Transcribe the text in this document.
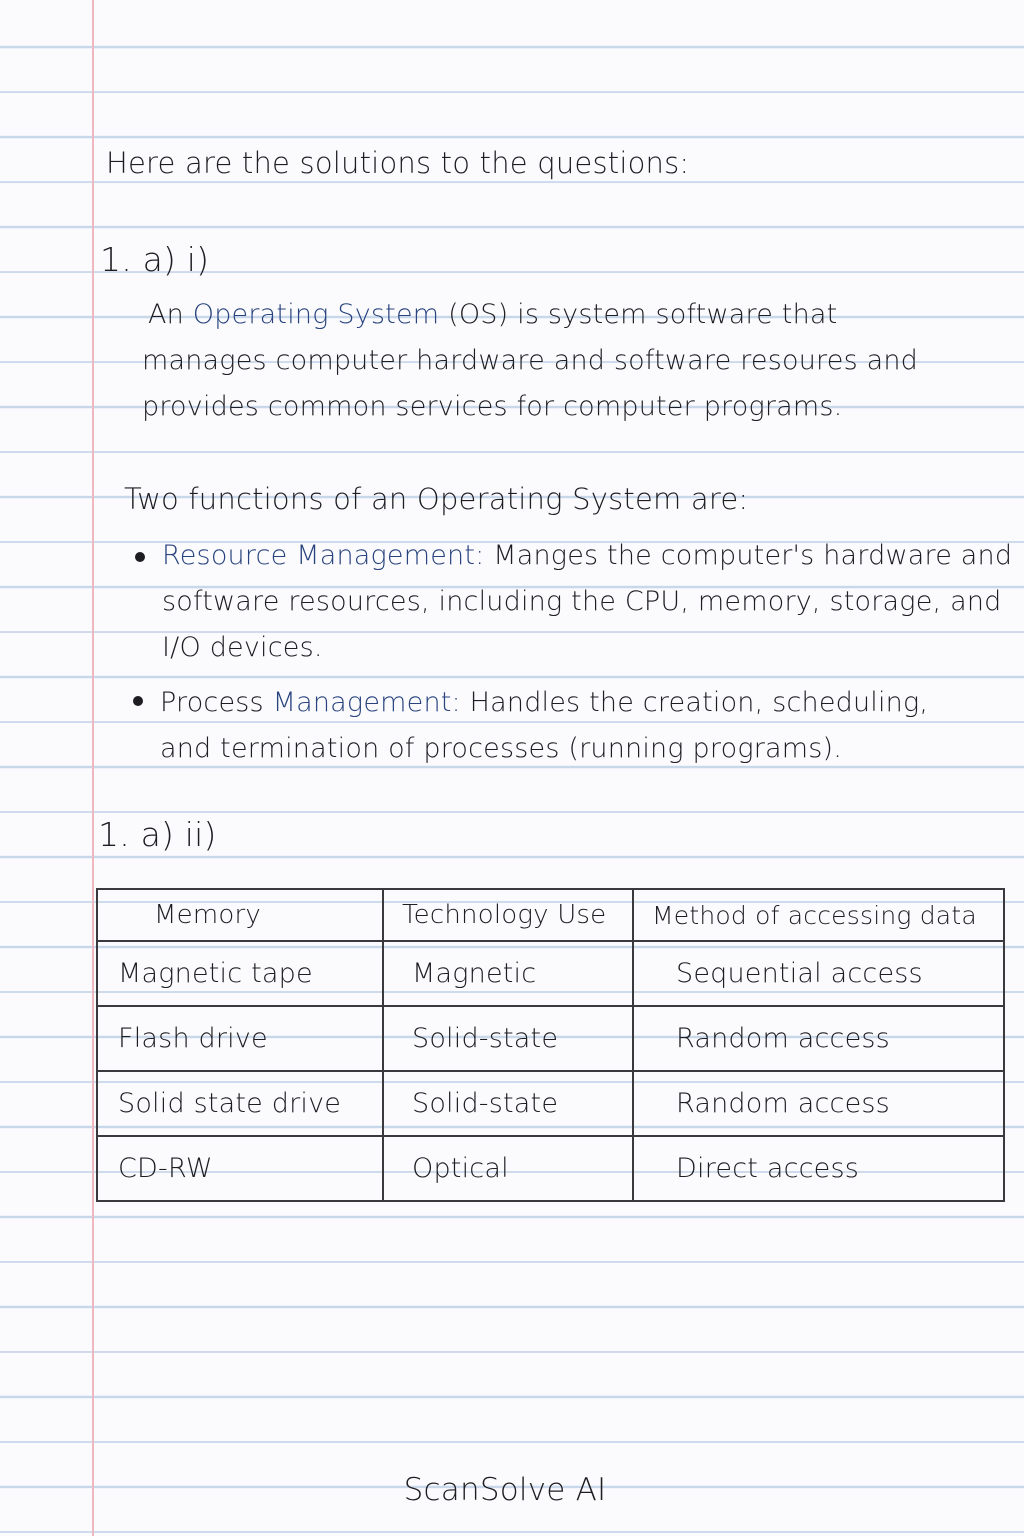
Here are the solutions to the questions:
1. a) i)
An Operating System (OS) is system software that
manages computer hardware and software resoures and
provides common services for computer programs.
Two functions of an Operating System are:
Resource Management: Manges the computer's hardware and
software resources, including the CPU, memory, storage, and
I/O devices.
Process Management: Handles the creation, scheduling,
and termination of processes (running programs).
1. a) ii)
Memory	Technology Use	Method of accessing data
Magnetic tape	Magnetic	Sequential access
Flash drive	Solid-state	Random access
Solid state drive	Solid-state	Random access
CD-RW	Optical	Direct access
ScanSolve AI
